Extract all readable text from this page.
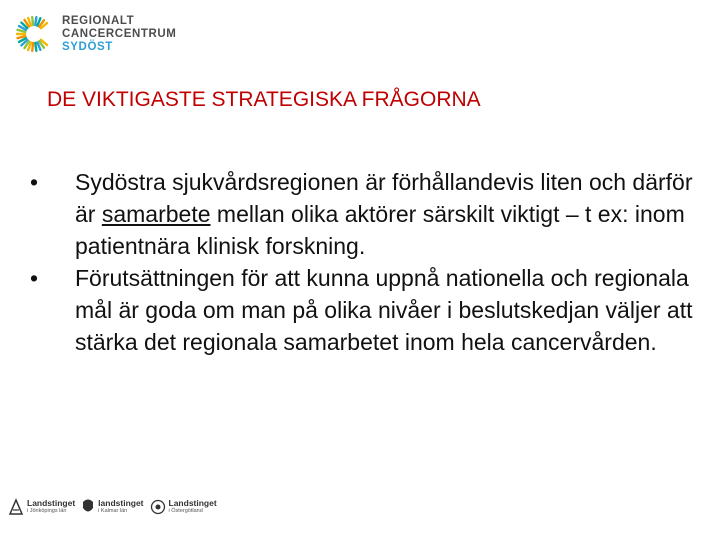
REGIONALT
CANCERCENTRUM
SYDÖST
DE VIKTIGASTE STRATEGISKA FRÅGORNA
• Sydöstra sjukvårdsregionen är förhållandevis liten och därför är samarbete mellan olika aktörer särskilt viktigt – t ex: inom patientnära klinisk forskning.
• Förutsättningen för att kunna uppnå nationella och regionala mål är goda om man på olika nivåer i beslutskedjan väljer att stärka det regionala samarbetet inom hela cancervården.
Landstinget
i Jönköpings län
landstinget
i Kalmar län
Landstinget
i Östergötland
